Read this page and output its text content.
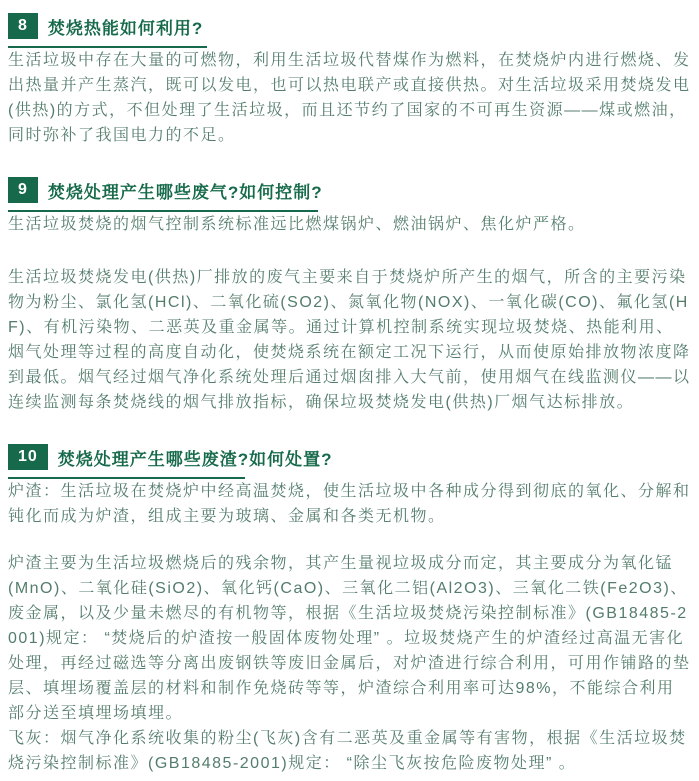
8	焚烧热能如何利用?

生活垃圾中存在大量的可燃物，利用生活垃圾代替煤作为燃料，在焚烧炉内进行燃烧、发出热量并产生蒸汽，既可以发电，也可以热电联产或直接供热。对生活垃圾采用焚烧发电(供热)的方式，不但处理了生活垃圾，而且还节约了国家的不可再生资源——煤或燃油，同时弥补了我国电力的不足。

9	焚烧处理产生哪些废气?如何控制?

生活垃圾焚烧的烟气控制系统标准远比燃煤锅炉、燃油锅炉、焦化炉严格。

生活垃圾焚烧发电(供热)厂排放的废气主要来自于焚烧炉所产生的烟气，所含的主要污染物为粉尘、氯化氢(HCl)、二氧化硫(SO2)、氮氧化物(NOX)、一氧化碳(CO)、氟化氢(HF)、有机污染物、二恶英及重金属等。通过计算机控制系统实现垃圾焚烧、热能利用、烟气处理等过程的高度自动化，使焚烧系统在额定工况下运行，从而使原始排放物浓度降到最低。烟气经过烟气净化系统处理后通过烟囱排入大气前，使用烟气在线监测仪——以连续监测每条焚烧线的烟气排放指标，确保垃圾焚烧发电(供热)厂烟气达标排放。

10	焚烧处理产生哪些废渣?如何处置?

炉渣：生活垃圾在焚烧炉中经高温焚烧，使生活垃圾中各种成分得到彻底的氧化、分解和钝化而成为炉渣，组成主要为玻璃、金属和各类无机物。

炉渣主要为生活垃圾燃烧后的残余物，其产生量视垃圾成分而定，其主要成分为氧化锰(MnO)、二氧化硅(SiO2)、氧化钙(CaO)、三氧化二铝(Al2O3)、三氧化二铁(Fe2O3)、废金属，以及少量未燃尽的有机物等，根据《生活垃圾焚烧污染控制标准》(GB18485-2001)规定： “焚烧后的炉渣按一般固体废物处理” 。垃圾焚烧产生的炉渣经过高温无害化处理，再经过磁选等分离出废钢铁等废旧金属后，对炉渣进行综合利用，可用作铺路的垫层、填埋场覆盖层的材料和制作免烧砖等等，炉渣综合利用率可达98%，不能综合利用部分送至填埋场填埋。

飞灰：烟气净化系统收集的粉尘(飞灰)含有二恶英及重金属等有害物，根据《生活垃圾焚烧污染控制标准》(GB18485-2001)规定： “除尘飞灰按危险废物处理” 。
